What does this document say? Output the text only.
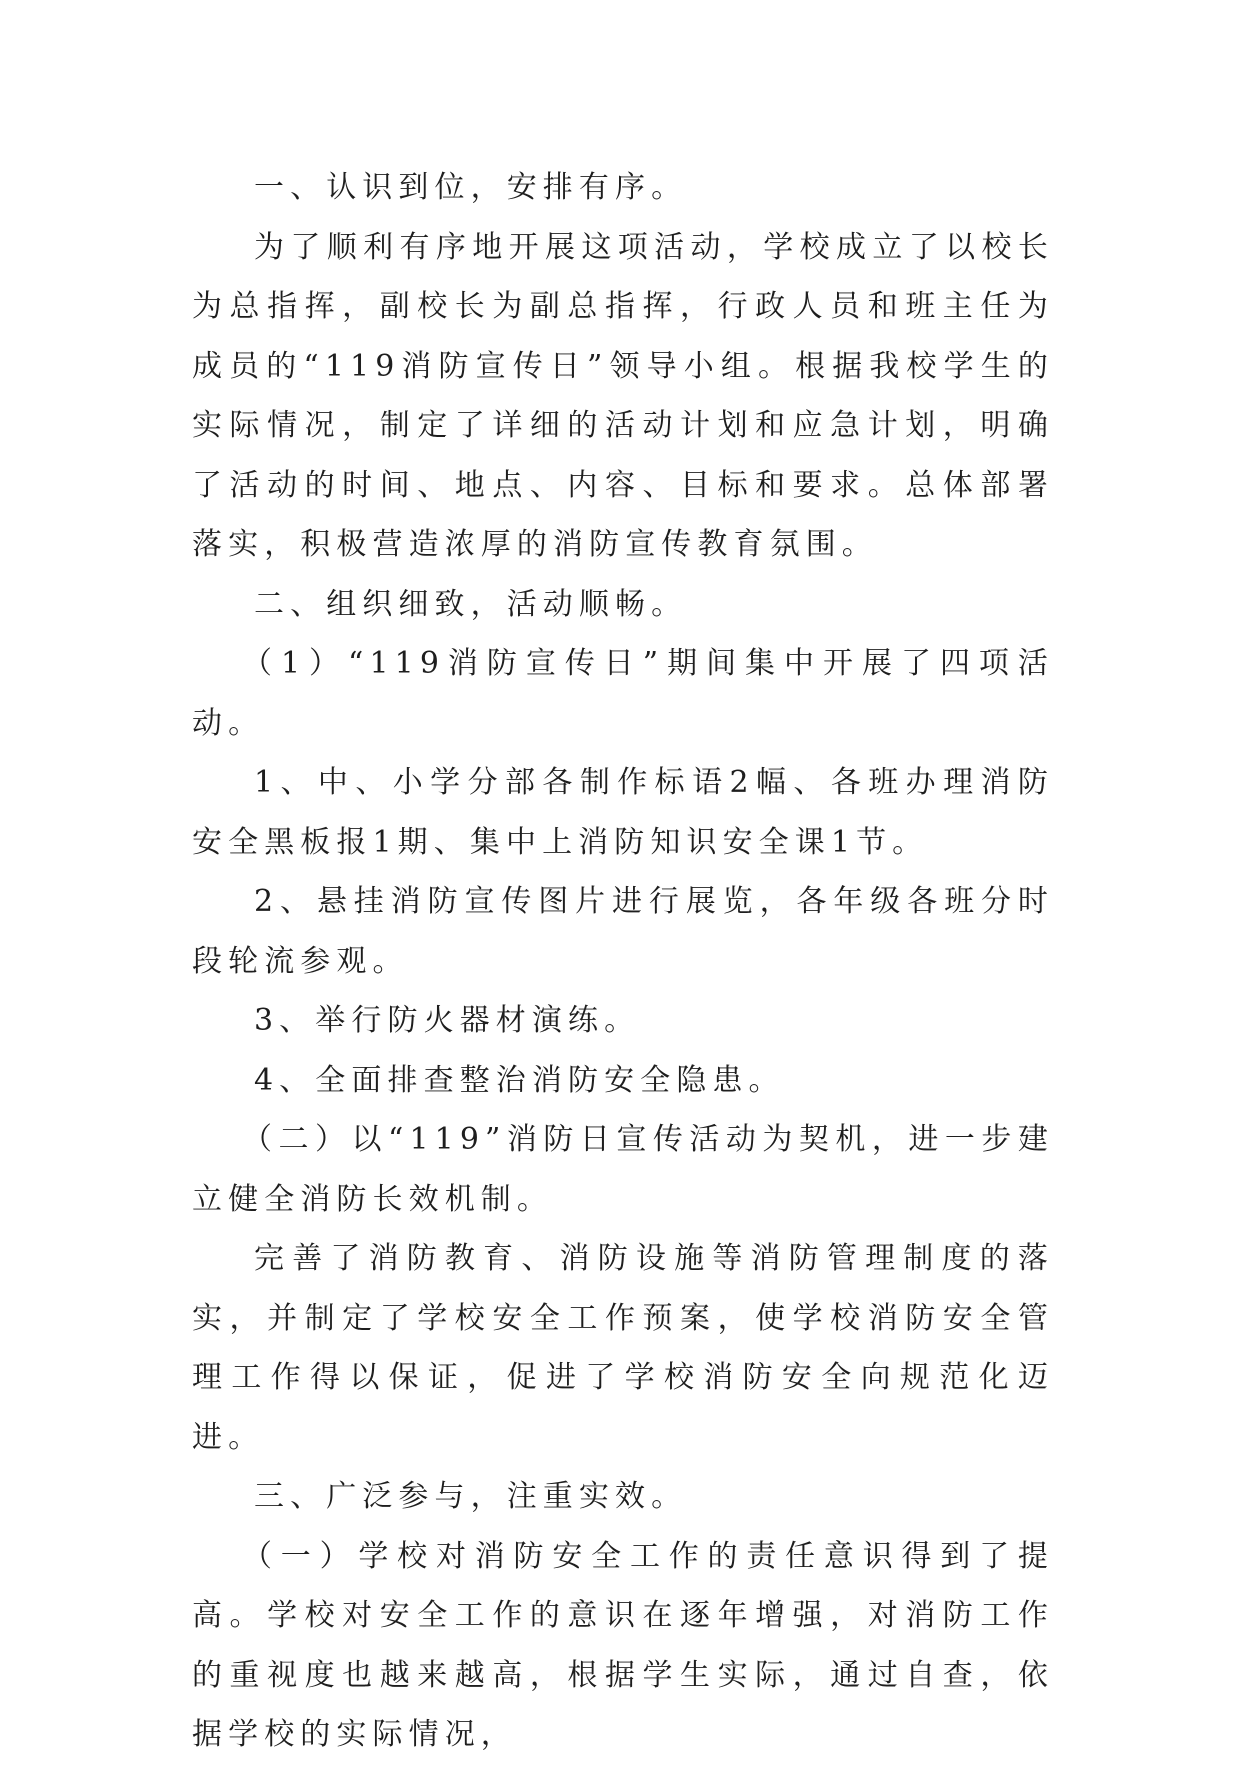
一、认识到位，安排有序。

为了顺利有序地开展这项活动，学校成立了以校长为总指挥，副校长为副总指挥，行政人员和班主任为成员的“119消防宣传日”领导小组。根据我校学生的实际情况，制定了详细的活动计划和应急计划，明确了活动的时间、地点、内容、目标和要求。总体部署落实，积极营造浓厚的消防宣传教育氛围。

二、组织细致，活动顺畅。

（1）“119消防宣传日”期间集中开展了四项活动。

1、中、小学分部各制作标语2幅、各班办理消防安全黑板报1期、集中上消防知识安全课1节。

2、悬挂消防宣传图片进行展览，各年级各班分时段轮流参观。

3、举行防火器材演练。

4、全面排查整治消防安全隐患。

（二）以“119”消防日宣传活动为契机，进一步建立健全消防长效机制。

完善了消防教育、消防设施等消防管理制度的落实，并制定了学校安全工作预案，使学校消防安全管理工作得以保证，促进了学校消防安全向规范化迈进。

三、广泛参与，注重实效。

（一）学校对消防安全工作的责任意识得到了提高。学校对安全工作的意识在逐年增强，对消防工作的重视度也越来越高，根据学生实际，通过自查，依据学校的实际情况，
